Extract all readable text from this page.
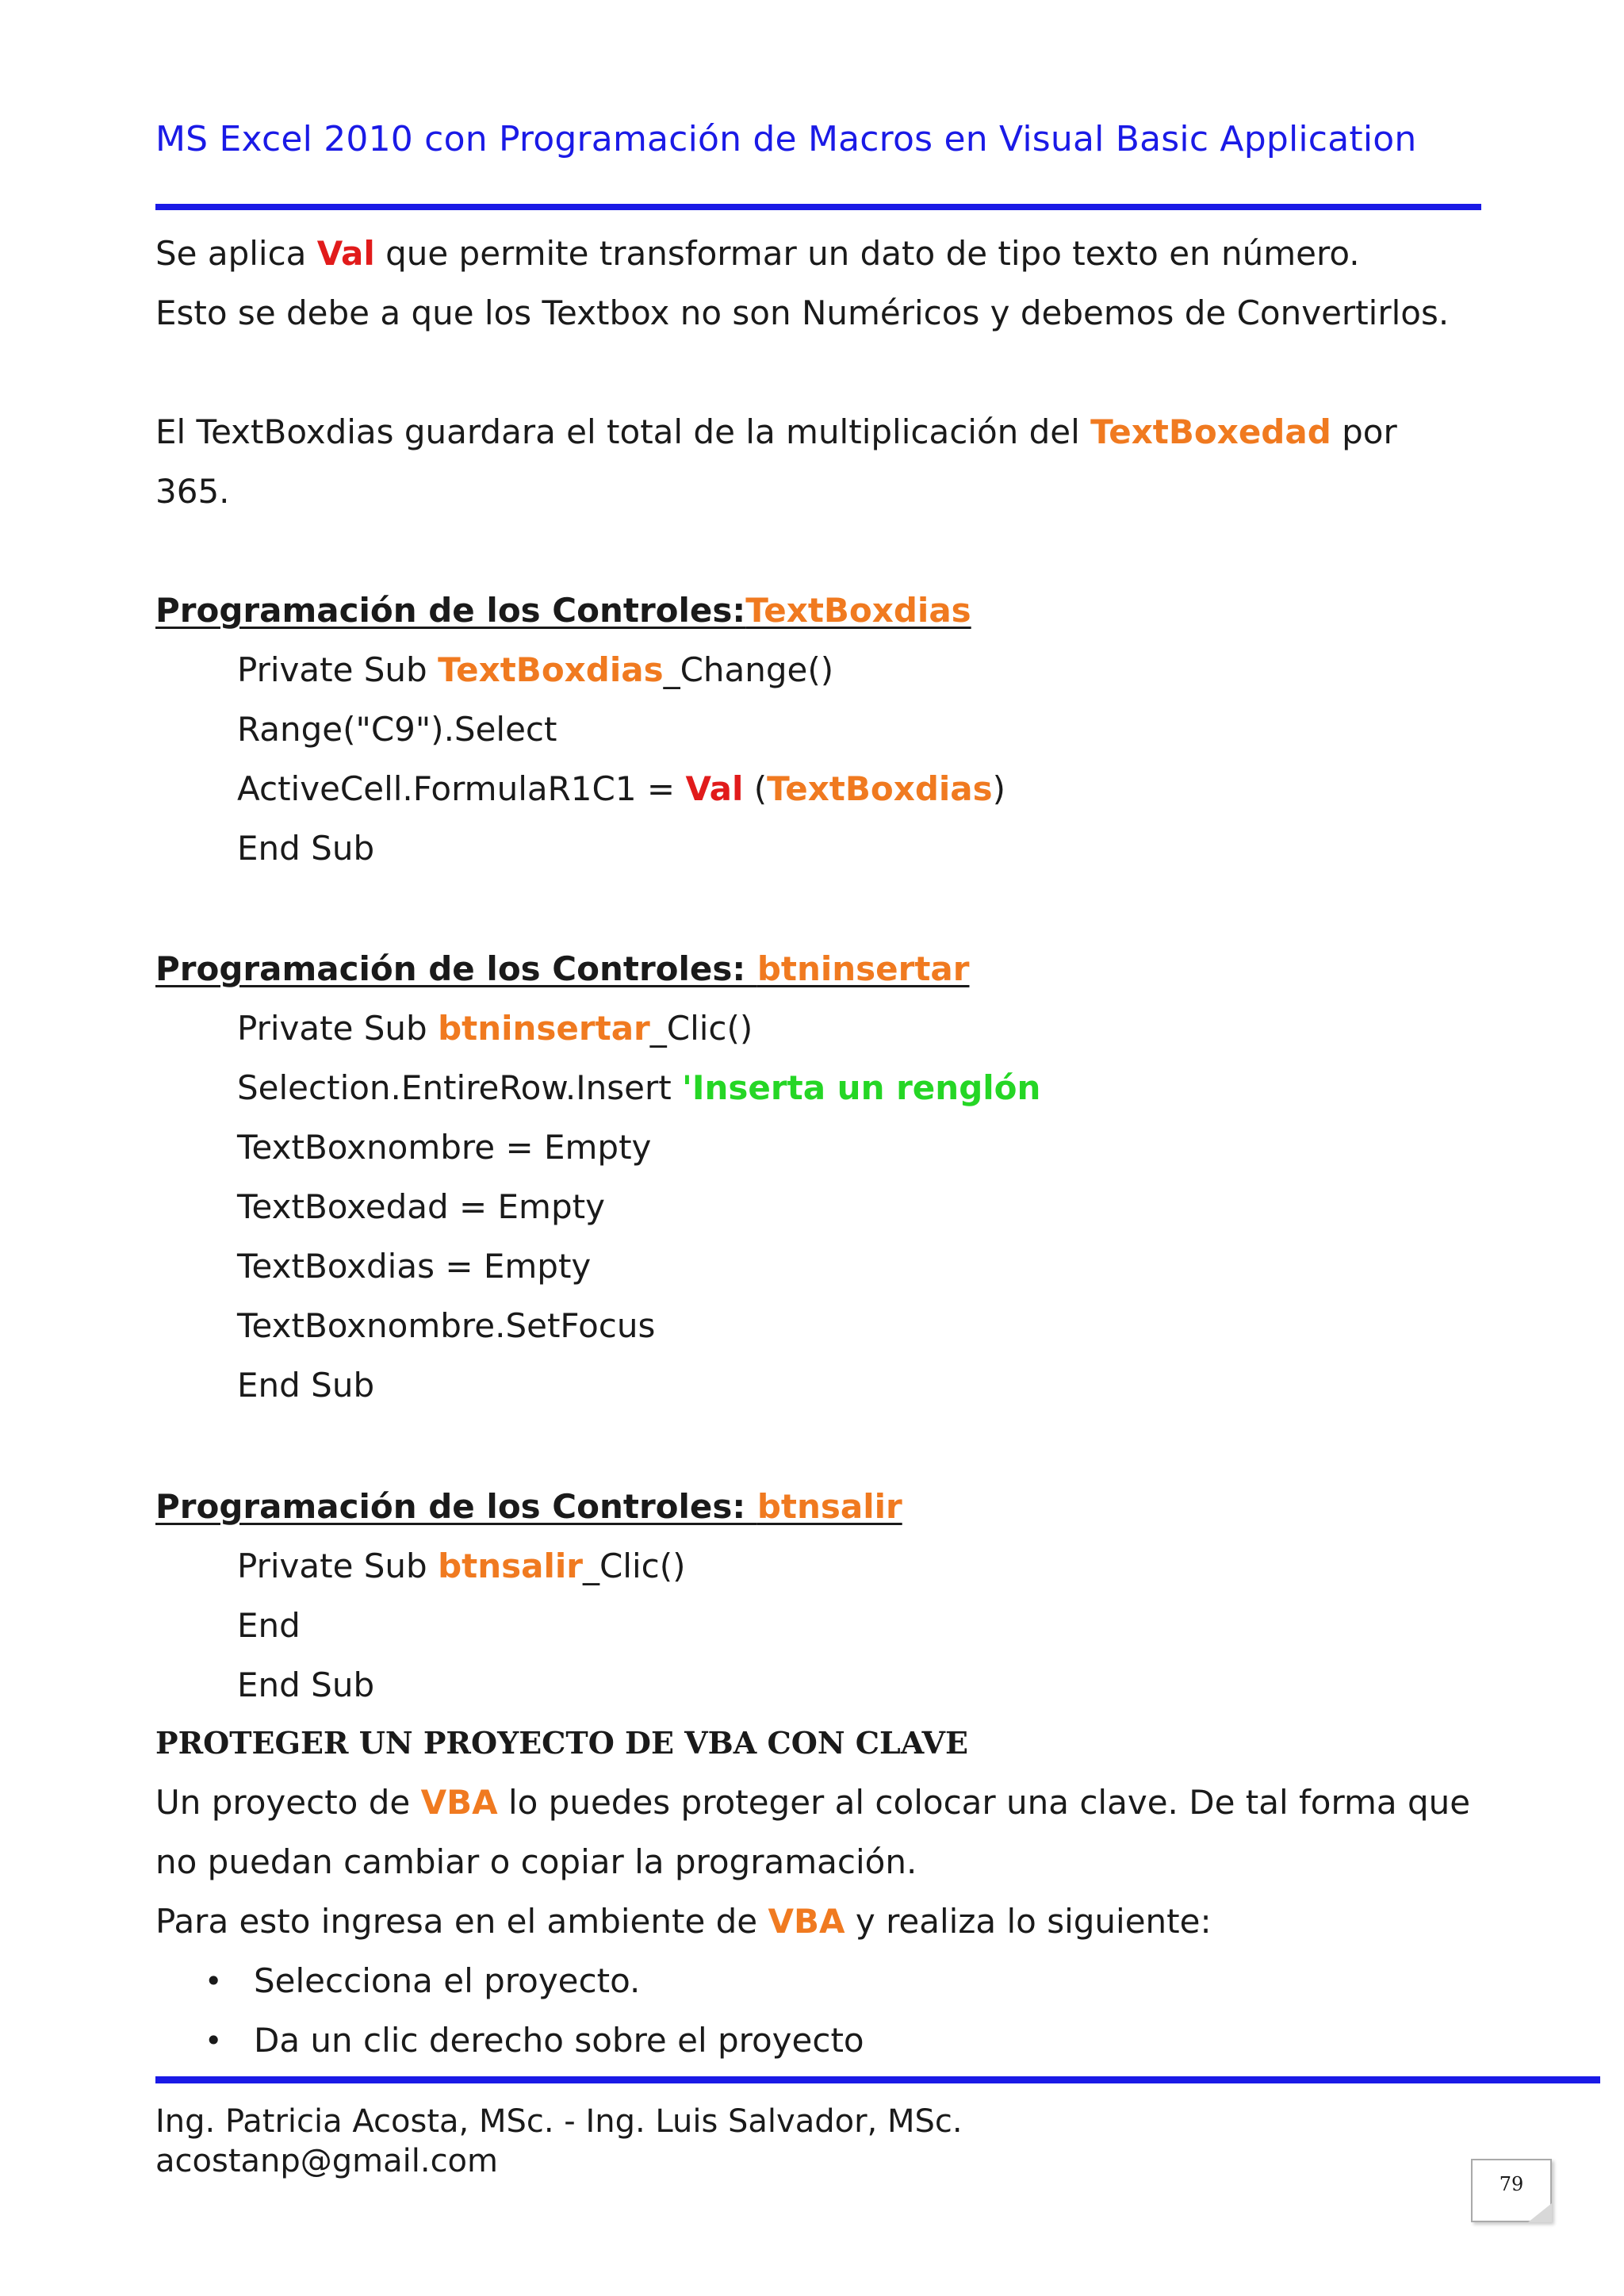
MS Excel 2010 con Programación de Macros en Visual Basic Application
Se aplica Val que permite transformar un dato de tipo texto en número.
Esto se debe a que los Textbox no son Numéricos y debemos de Convertirlos.
El TextBoxdias guardara el total de la multiplicación del TextBoxedad por
365.
Programación de los Controles:TextBoxdias
Private Sub TextBoxdias_Change()
Range("C9").Select
ActiveCell.FormulaR1C1 = Val (TextBoxdias)
End Sub
Programación de los Controles: btninsertar
Private Sub btninsertar_Clic()
Selection.EntireRow.Insert 'Inserta un renglón
TextBoxnombre = Empty
TextBoxedad = Empty
TextBoxdias = Empty
TextBoxnombre.SetFocus
End Sub
Programación de los Controles: btnsalir
Private Sub btnsalir_Clic()
End
End Sub
PROTEGER UN PROYECTO DE VBA CON CLAVE
Un proyecto de VBA lo puedes proteger al colocar una clave. De tal forma que
no puedan cambiar o copiar la programación.
Para esto ingresa en el ambiente de VBA y realiza lo siguiente:
• Selecciona el proyecto.
• Da un clic derecho sobre el proyecto
Ing. Patricia Acosta, MSc. - Ing. Luis Salvador, MSc.
acostanp@gmail.com
79
